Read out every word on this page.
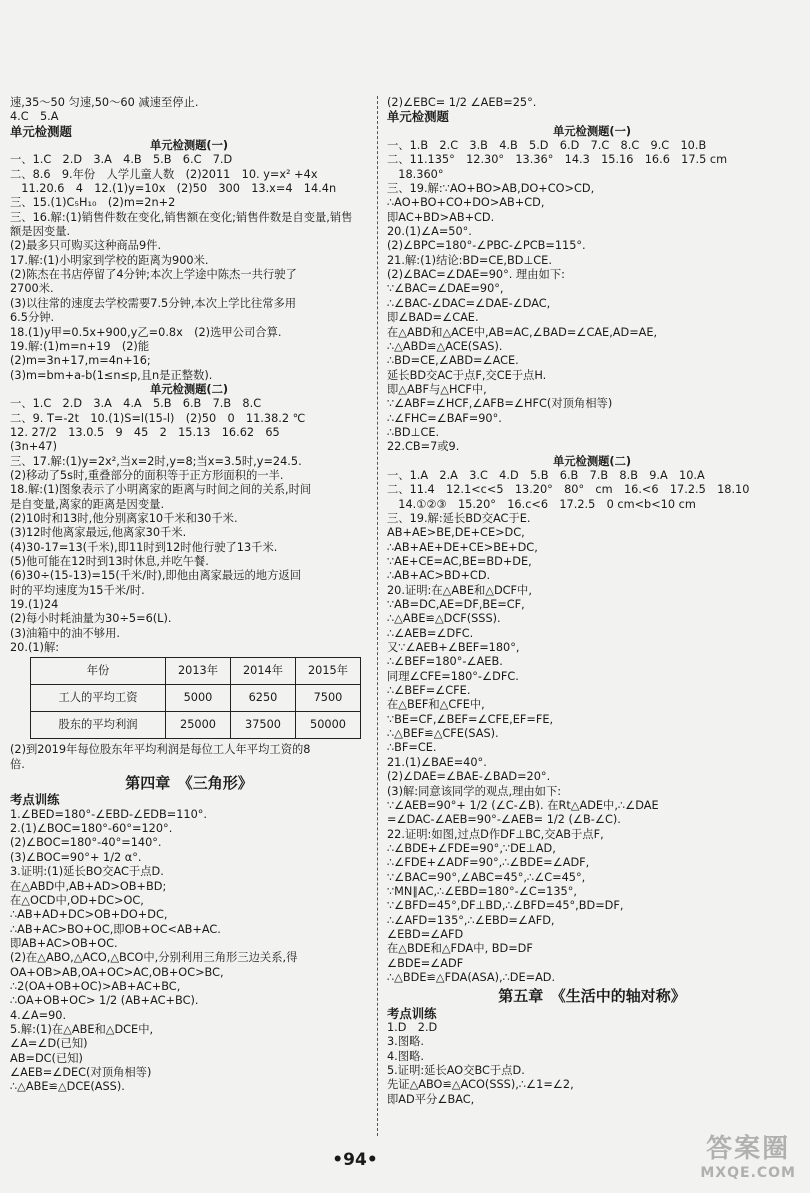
速,35～50 匀速,50～60 减速至停止.
4.C　5.A
单元检测题
单元检测题(一)
一、1.C　2.D　3.A　4.B　5.B　6.C　7.D
二、8.6　9.年份　人学儿童人数　(2)2011　10. y=x² +4x
　11.20.6　4　12.(1)y=10x　(2)50　300　13.x=4　14.4n
三、15.(1)C₅H₁₀　(2)m=2n+2
三、16.解:(1)销售件数在变化,销售额在变化;销售件数是自变量,销售
额是因变量.
(2)最多只可购买这种商品9件.
17.解:(1)小明家到学校的距离为900米.
(2)陈杰在书店停留了4分钟;本次上学途中陈杰一共行驶了
2700米.
(3)以往常的速度去学校需要7.5分钟,本次上学比往常多用
6.5分钟.
18.(1)y甲=0.5x+900,y乙=0.8x　(2)选甲公司合算.
19.解:(1)m=n+19　(2)能
(2)m=3n+17,m=4n+16;
(3)m=bm+a-b(1≤n≤p,且n是正整数).
单元检测题(二)
一、1.C　2.D　3.A　4.A　5.B　6.B　7.B　8.C
二、9. T=-2t　10.(1)S=l(15-l)　(2)50　0　11.38.2 ℃
12. 27/2　13.0.5　9　45　2　15.13　16.62　65
(3n+47)
三、17.解:(1)y=2x²,当x=2时,y=8;当x=3.5时,y=24.5.
(2)移动了5s时,重叠部分的面积等于正方形面积的一半.
18.解:(1)图象表示了小明离家的距离与时间之间的关系,时间
是自变量,离家的距离是因变量.
(2)10时和13时,他分别离家10千米和30千米.
(3)12时他离家最远,他离家30千米.
(4)30-17=13(千米),即11时到12时他行驶了13千米.
(5)他可能在12时到13时休息,并吃午餐.
(6)30÷(15-13)=15(千米/时),即他由离家最远的地方返回
时的平均速度为15千米/时.
19.(1)24
(2)每小时耗油量为30÷5=6(L).
(3)油箱中的油不够用.
20.(1)解:
年份	2013年	2014年	2015年
工人的平均工资	5000	6250	7500
股东的平均利润	25000	37500	50000
(2)到2019年每位股东年平均利润是每位工人年平均工资的8
倍.
第四章　《三角形》
考点训练
1.∠BED=180°-∠EBD-∠EDB=110°.
2.(1)∠BOC=180°-60°=120°.
(2)∠BOC=180°-40°=140°.
(3)∠BOC=90°+ 1/2 α°.
3.证明:(1)延长BO交AC于点D.
在△ABD中,AB+AD>OB+BD;
在△OCD中,OD+DC>OC,
∴AB+AD+DC>OB+DO+DC,
∴AB+AC>BO+OC,即OB+OC<AB+AC.
即AB+AC>OB+OC.
(2)在△ABO,△ACO,△BCO中,分别利用三角形三边关系,得
OA+OB>AB,OA+OC>AC,OB+OC>BC,
∴2(OA+OB+OC)>AB+AC+BC,
∴OA+OB+OC> 1/2 (AB+AC+BC).
4.∠A=90.
5.解:(1)在△ABE和△DCE中,
∠A=∠D(已知)
AB=DC(已知)
∠AEB=∠DEC(对顶角相等)
∴△ABE≌△DCE(ASS).
(2)∠EBC= 1/2 ∠AEB=25°.
单元检测题
单元检测题(一)
一、1.B　2.C　3.B　4.B　5.D　6.D　7.C　8.C　9.C　10.B
二、11.135°　12.30°　13.36°　14.3　15.16　16.6　17.5 cm
　18.360°
三、19.解:∵AO+BO>AB,DO+CO>CD,
∴AO+BO+CO+DO>AB+CD,
即AC+BD>AB+CD.
20.(1)∠A=50°.
(2)∠BPC=180°-∠PBC-∠PCB=115°.
21.解:(1)结论:BD=CE,BD⊥CE.
(2)∠BAC=∠DAE=90°. 理由如下:
∵∠BAC=∠DAE=90°,
∴∠BAC-∠DAC=∠DAE-∠DAC,
即∠BAD=∠CAE.
在△ABD和△ACE中,AB=AC,∠BAD=∠CAE,AD=AE,
∴△ABD≌△ACE(SAS).
∴BD=CE,∠ABD=∠ACE.
延长BD交AC于点F,交CE于点H.
即△ABF与△HCF中,
∵∠ABF=∠HCF,∠AFB=∠HFC(对顶角相等)
∴∠FHC=∠BAF=90°.
∴BD⊥CE.
22.CB=7或9.
单元检测题(二)
一、1.A　2.A　3.C　4.D　5.B　6.B　7.B　8.B　9.A　10.A
二、11.4　12.1<c<5　13.20°　80°　cm　16.<6　17.2.5　18.10
　14.①②③　15.20°　16.c<6　17.2.5　0 cm<b<10 cm
三、19.解:延长BD交AC于E.
AB+AE>BE,DE+CE>DC,
∴AB+AE+DE+CE>BE+DC,
∵AE+CE=AC,BE=BD+DE,
∴AB+AC>BD+CD.
20.证明:在△ABE和△DCF中,
∵AB=DC,AE=DF,BE=CF,
∴△ABE≌△DCF(SSS).
∴∠AEB=∠DFC.
又∵∠AEB+∠BEF=180°,
∴∠BEF=180°-∠AEB.
同理∠CFE=180°-∠DFC.
∴∠BEF=∠CFE.
在△BEF和△CFE中,
∵BE=CF,∠BEF=∠CFE,EF=FE,
∴△BEF≌△CFE(SAS).
∴BF=CE.
21.(1)∠BAE=40°.
(2)∠DAE=∠BAE-∠BAD=20°.
(3)解:同意该同学的观点,理由如下:
∵∠AEB=90°+ 1/2 (∠C-∠B). 在Rt△ADE中,∴∠DAE
=∠DAC-∠AEB=90°-∠AEB= 1/2 (∠B-∠C).
22.证明:如图,过点D作DF⊥BC,交AB于点F,
∴∠BDE+∠FDE=90°,∵DE⊥AD,
∴∠FDE+∠ADF=90°,∴∠BDE=∠ADF,
∵∠BAC=90°,∠ABC=45°,∴∠C=45°,
∵MN∥AC,∴∠EBD=180°-∠C=135°,
∵∠BFD=45°,DF⊥BD,∴∠BFD=45°,BD=DF,
∴∠AFD=135°,∴∠EBD=∠AFD,
∠EBD=∠AFD
在△BDE和△FDA中, BD=DF
∠BDE=∠ADF
∴△BDE≌△FDA(ASA),∴DE=AD.
第五章　《生活中的轴对称》
考点训练
1.D　2.D
3.图略.
4.图略.
5.证明:延长AO交BC于点D.
先证△ABO≌△ACO(SSS),∴∠1=∠2,
即AD平分∠BAC,
•94•	答案圈
MXQE.COM
